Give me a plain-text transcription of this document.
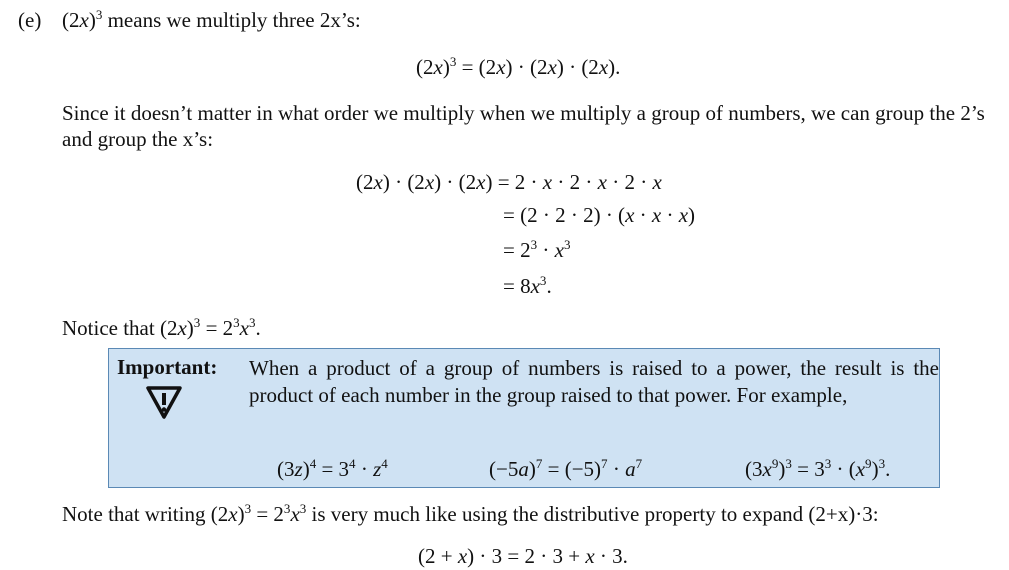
(e) $(2x)^3$ means we multiply three 2x’s:
$(2x)^3 = (2x) \cdot (2x) \cdot (2x)$.
Since it doesn’t matter in what order we multiply when we multiply a group of numbers, we can group the 2’s and group the x’s:
(2x) · (2x) · (2x) = 2 · x · 2 · x · 2 · x
= (2 · 2 · 2) · (x · x · x)
= $2^3 \cdot x^3$
= $8x^3$.
Notice that $(2x)^3 = 2^3x^3$.
Important: When a product of a group of numbers is raised to a power, the result is the product of each number in the group raised to that power. For example,
$(3z)^4 = 3^4 \cdot z^4$	$(-5a)^7 = (-5)^7 \cdot a^7$	$(3x^9)^3 = 3^3 \cdot (x^9)^3$.
Note that writing $(2x)^3 = 2^3x^3$ is very much like using the distributive property to expand (2+x)·3:
(2 + x) · 3 = 2 · 3 + x · 3.
